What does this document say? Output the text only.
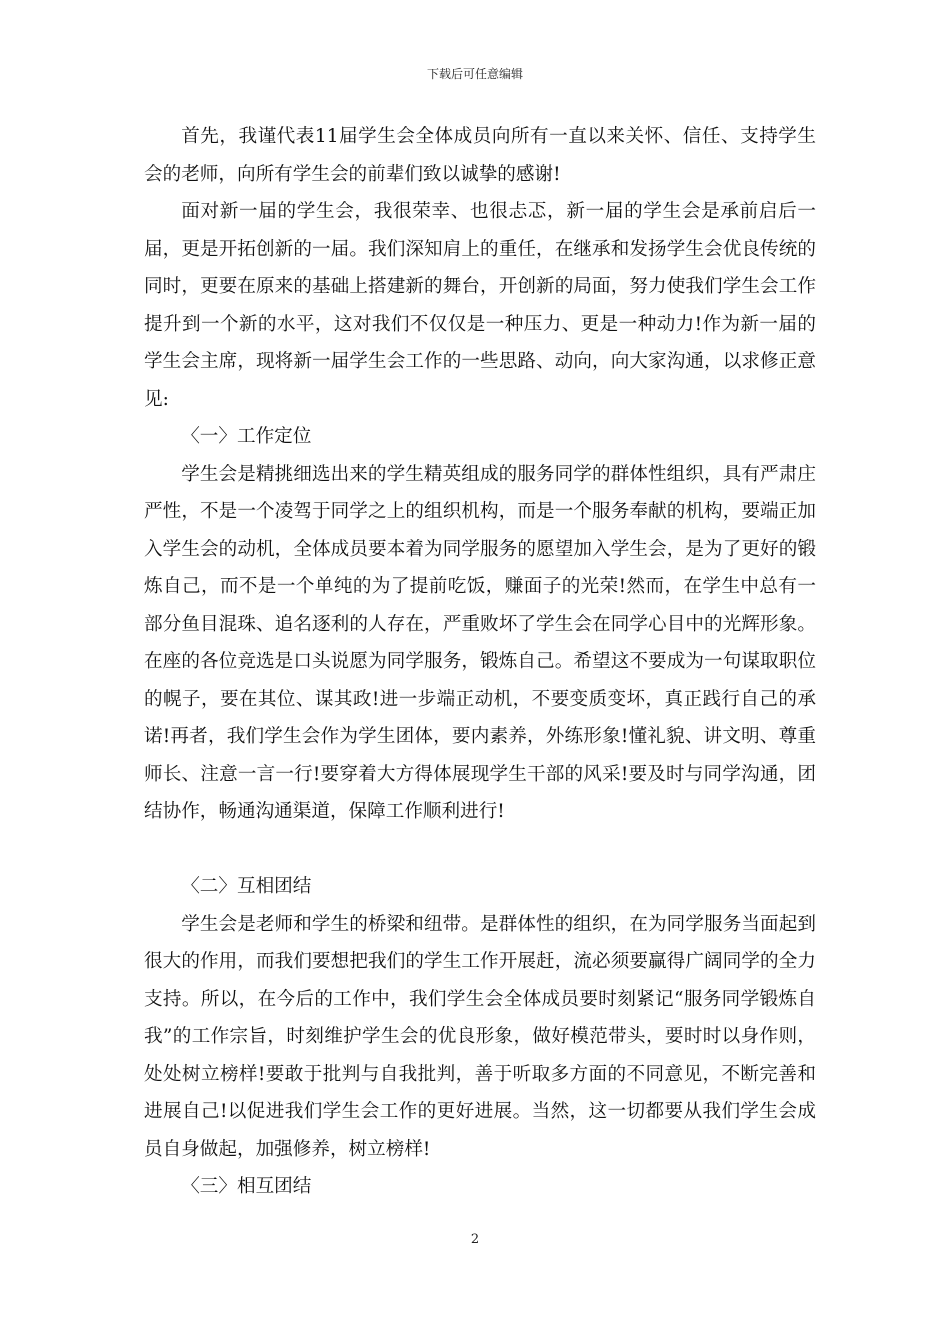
下载后可任意编辑

首先，我谨代表11届学生会全体成员向所有一直以来关怀、信任、支持学生会的老师，向所有学生会的前辈们致以诚挚的感谢!

面对新一届的学生会，我很荣幸、也很忐忑，新一届的学生会是承前启后一届，更是开拓创新的一届。我们深知肩上的重任，在继承和发扬学生会优良传统的同时，更要在原来的基础上搭建新的舞台，开创新的局面，努力使我们学生会工作提升到一个新的水平，这对我们不仅仅是一种压力、更是一种动力!作为新一届的学生会主席，现将新一届学生会工作的一些思路、动向，向大家沟通，以求修正意见:

〈一〉工作定位

学生会是精挑细选出来的学生精英组成的服务同学的群体性组织，具有严肃庄严性，不是一个凌驾于同学之上的组织机构，而是一个服务奉献的机构，要端正加入学生会的动机，全体成员要本着为同学服务的愿望加入学生会，是为了更好的锻炼自己，而不是一个单纯的为了提前吃饭，赚面子的光荣!然而，在学生中总有一部分鱼目混珠、追名逐利的人存在，严重败坏了学生会在同学心目中的光辉形象。在座的各位竞选是口头说愿为同学服务，锻炼自己。希望这不要成为一句谋取职位的幌子，要在其位、谋其政!进一步端正动机，不要变质变坏，真正践行自己的承诺!再者，我们学生会作为学生团体，要内素养，外练形象!懂礼貌、讲文明、尊重师长、注意一言一行!要穿着大方得体展现学生干部的风采!要及时与同学沟通，团结协作，畅通沟通渠道，保障工作顺利进行!

〈二〉互相团结

学生会是老师和学生的桥梁和纽带。是群体性的组织，在为同学服务当面起到很大的作用，而我们要想把我们的学生工作开展赶，流必须要赢得广阔同学的全力支持。所以，在今后的工作中，我们学生会全体成员要时刻紧记“服务同学锻炼自我”的工作宗旨，时刻维护学生会的优良形象，做好模范带头，要时时以身作则，处处树立榜样!要敢于批判与自我批判，善于听取多方面的不同意见，不断完善和进展自己!以促进我们学生会工作的更好进展。当然，这一切都要从我们学生会成员自身做起，加强修养，树立榜样!

〈三〉相互团结

2
